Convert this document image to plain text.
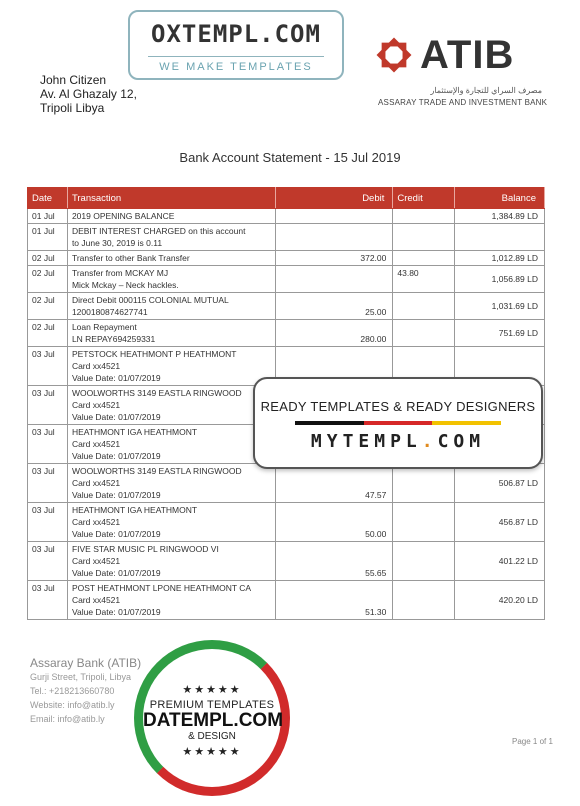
OXTEMPL.COM
WE MAKE TEMPLATES	ATIB
مصرف السراي للتجارة والإستثمار
ASSARAY TRADE AND INVESTMENT BANK
John Citizen
Av. Al Ghazaly 12,
Tripoli Libya
Bank Account Statement - 15 Jul 2019
Date	Transaction	Debit	Credit	Balance
01 Jul	2019 OPENING BALANCE			1,384.89 LD
01 Jul	DEBIT INTEREST CHARGED on this account
to June 30, 2019 is 0.11			

02 Jul	Transfer to other Bank Transfer	372.00		1,012.89 LD
02 Jul	Transfer from MCKAY MJ
Mick Mckay – Neck hackles.		43.80	1,056.89 LD
02 Jul	Direct Debit 000115 COLONIAL MUTUAL
1200180874627741	25.00		1,031.69 LD
02 Jul	Loan Repayment
LN REPAY694259331	280.00		751.69 LD
03 Jul	PETSTOCK HEATHMONT P HEATHMONT
Card xx4521
Value Date: 01/07/2019			

03 Jul	WOOLWORTHS 3149 EASTLA RINGWOOD
Card xx4521
Value Date: 01/07/2019			

03 Jul	HEATHMONT IGA HEATHMONT
Card xx4521
Value Date: 01/07/2019			

03 Jul	WOOLWORTHS 3149 EASTLA RINGWOOD
Card xx4521
Value Date: 01/07/2019	47.57		506.87 LD
03 Jul	HEATHMONT IGA HEATHMONT
Card xx4521
Value Date: 01/07/2019	50.00		456.87 LD
03 Jul	FIVE STAR MUSIC PL RINGWOOD VI
Card xx4521
Value Date: 01/07/2019	55.65		401.22 LD
03 Jul	POST HEATHMONT LPONE HEATHMONT CA
Card xx4521
Value Date: 01/07/2019	51.30		420.20 LD
READY TEMPLATES & READY DESIGNERS
MYTEMPL.COM
Assaray Bank (ATIB)
Gurji Street, Tripoli, Libya
Tel.: +218213660780
Website: info@atib.ly
Email: info@atib.ly
Page 1 of 1
★★★★★
PREMIUM TEMPLATES
DATEMPL.COM
& DESIGN
★★★★★
